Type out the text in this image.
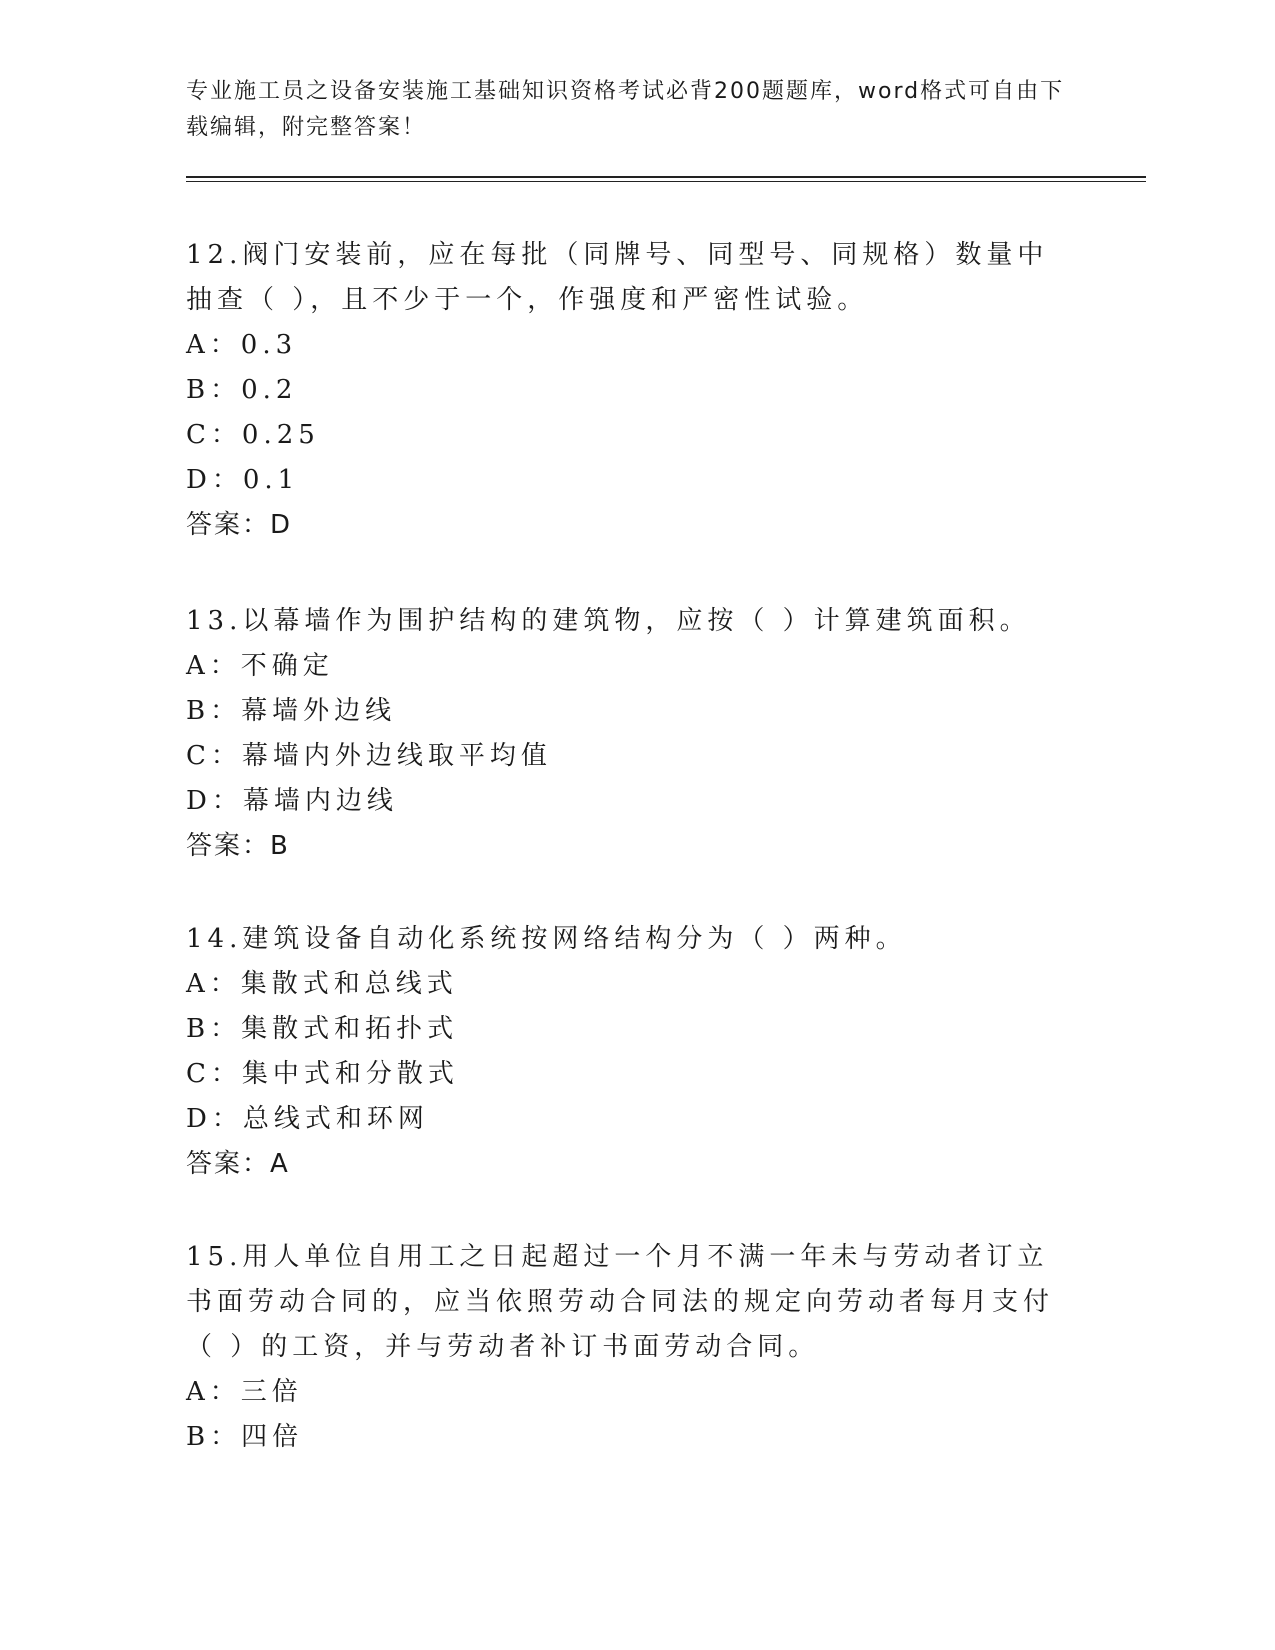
专业施工员之设备安装施工基础知识资格考试必背200题题库，word格式可自由下载编辑，附完整答案！
12.阀门安装前，应在每批（同牌号、同型号、同规格）数量中抽查（ ），且不少于一个，作强度和严密性试验。
A：0.3
B：0.2
C：0.25
D：0.1
答案：D
13.以幕墙作为围护结构的建筑物，应按（ ）计算建筑面积。
A：不确定
B：幕墙外边线
C：幕墙内外边线取平均值
D：幕墙内边线
答案：B
14.建筑设备自动化系统按网络结构分为（ ）两种。
A：集散式和总线式
B：集散式和拓扑式
C：集中式和分散式
D：总线式和环网
答案：A
15.用人单位自用工之日起超过一个月不满一年未与劳动者订立书面劳动合同的，应当依照劳动合同法的规定向劳动者每月支付（ ）的工资，并与劳动者补订书面劳动合同。
A：三倍
B：四倍
